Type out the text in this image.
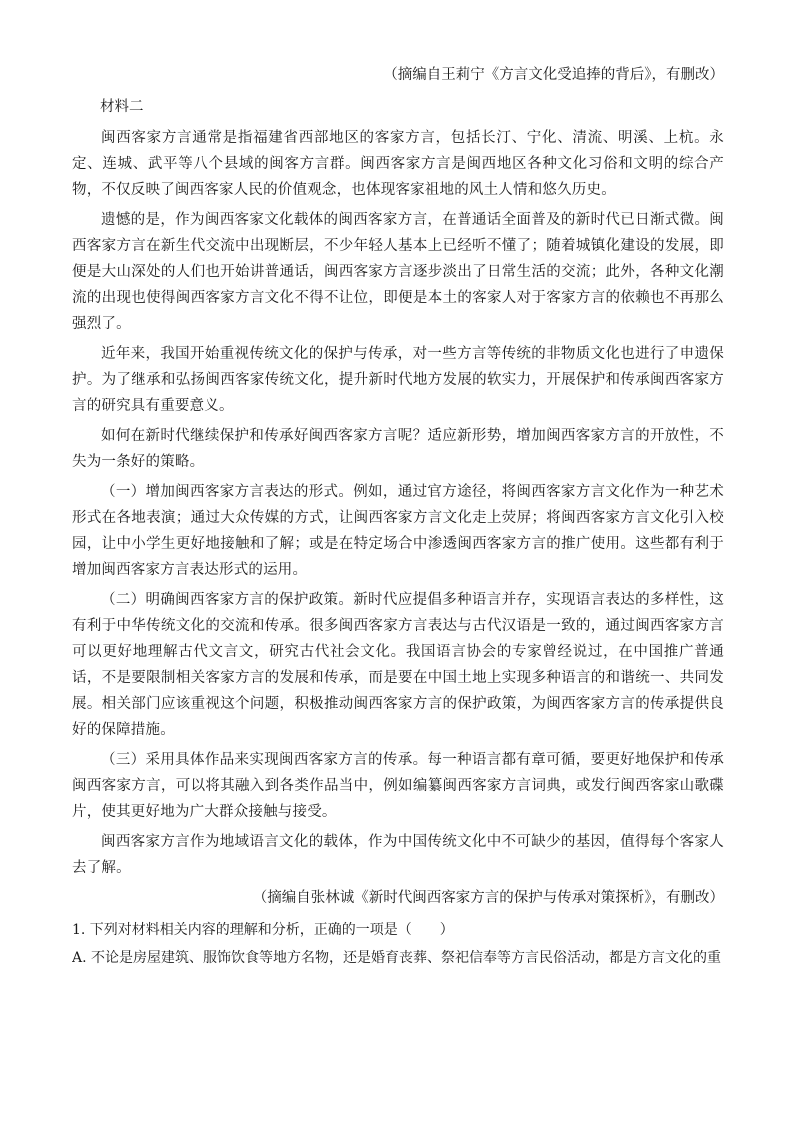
（摘编自王莉宁《方言文化受追捧的背后》，有删改）

材料二

闽西客家方言通常是指福建省西部地区的客家方言，包括长汀、宁化、清流、明溪、上杭。永定、连城、武平等八个县域的闽客方言群。闽西客家方言是闽西地区各种文化习俗和文明的综合产物，不仅反映了闽西客家人民的价值观念，也体现客家祖地的风土人情和悠久历史。

遗憾的是，作为闽西客家文化载体的闽西客家方言，在普通话全面普及的新时代已日渐式微。闽西客家方言在新生代交流中出现断层，不少年轻人基本上已经听不懂了；随着城镇化建设的发展，即便是大山深处的人们也开始讲普通话，闽西客家方言逐步淡出了日常生活的交流；此外，各种文化潮流的出现也使得闽西客家方言文化不得不让位，即便是本土的客家人对于客家方言的依赖也不再那么强烈了。

近年来，我国开始重视传统文化的保护与传承，对一些方言等传统的非物质文化也进行了申遗保护。为了继承和弘扬闽西客家传统文化，提升新时代地方发展的软实力，开展保护和传承闽西客家方言的研究具有重要意义。

如何在新时代继续保护和传承好闽西客家方言呢？适应新形势，增加闽西客家方言的开放性，不失为一条好的策略。

（一）增加闽西客家方言表达的形式。例如，通过官方途径，将闽西客家方言文化作为一种艺术形式在各地表演；通过大众传媒的方式，让闽西客家方言文化走上荧屏；将闽西客家方言文化引入校园，让中小学生更好地接触和了解；或是在特定场合中渗透闽西客家方言的推广使用。这些都有利于增加闽西客家方言表达形式的运用。

（二）明确闽西客家方言的保护政策。新时代应提倡多种语言并存，实现语言表达的多样性，这有利于中华传统文化的交流和传承。很多闽西客家方言表达与古代汉语是一致的，通过闽西客家方言可以更好地理解古代文言文，研究古代社会文化。我国语言协会的专家曾经说过，在中国推广普通话，不是要限制相关客家方言的发展和传承，而是要在中国土地上实现多种语言的和谐统一、共同发展。相关部门应该重视这个问题，积极推动闽西客家方言的保护政策，为闽西客家方言的传承提供良好的保障措施。

（三）采用具体作品来实现闽西客家方言的传承。每一种语言都有章可循，要更好地保护和传承闽西客家方言，可以将其融入到各类作品当中，例如编纂闽西客家方言词典，或发行闽西客家山歌碟片，使其更好地为广大群众接触与接受。

闽西客家方言作为地域语言文化的载体，作为中国传统文化中不可缺少的基因，值得每个客家人去了解。

（摘编自张林诚《新时代闽西客家方言的保护与传承对策探析》，有删改）

1. 下列对材料相关内容的理解和分析，正确的一项是（　　）

A. 不论是房屋建筑、服饰饮食等地方名物，还是婚育丧葬、祭祀信奉等方言民俗活动，都是方言文化的重
